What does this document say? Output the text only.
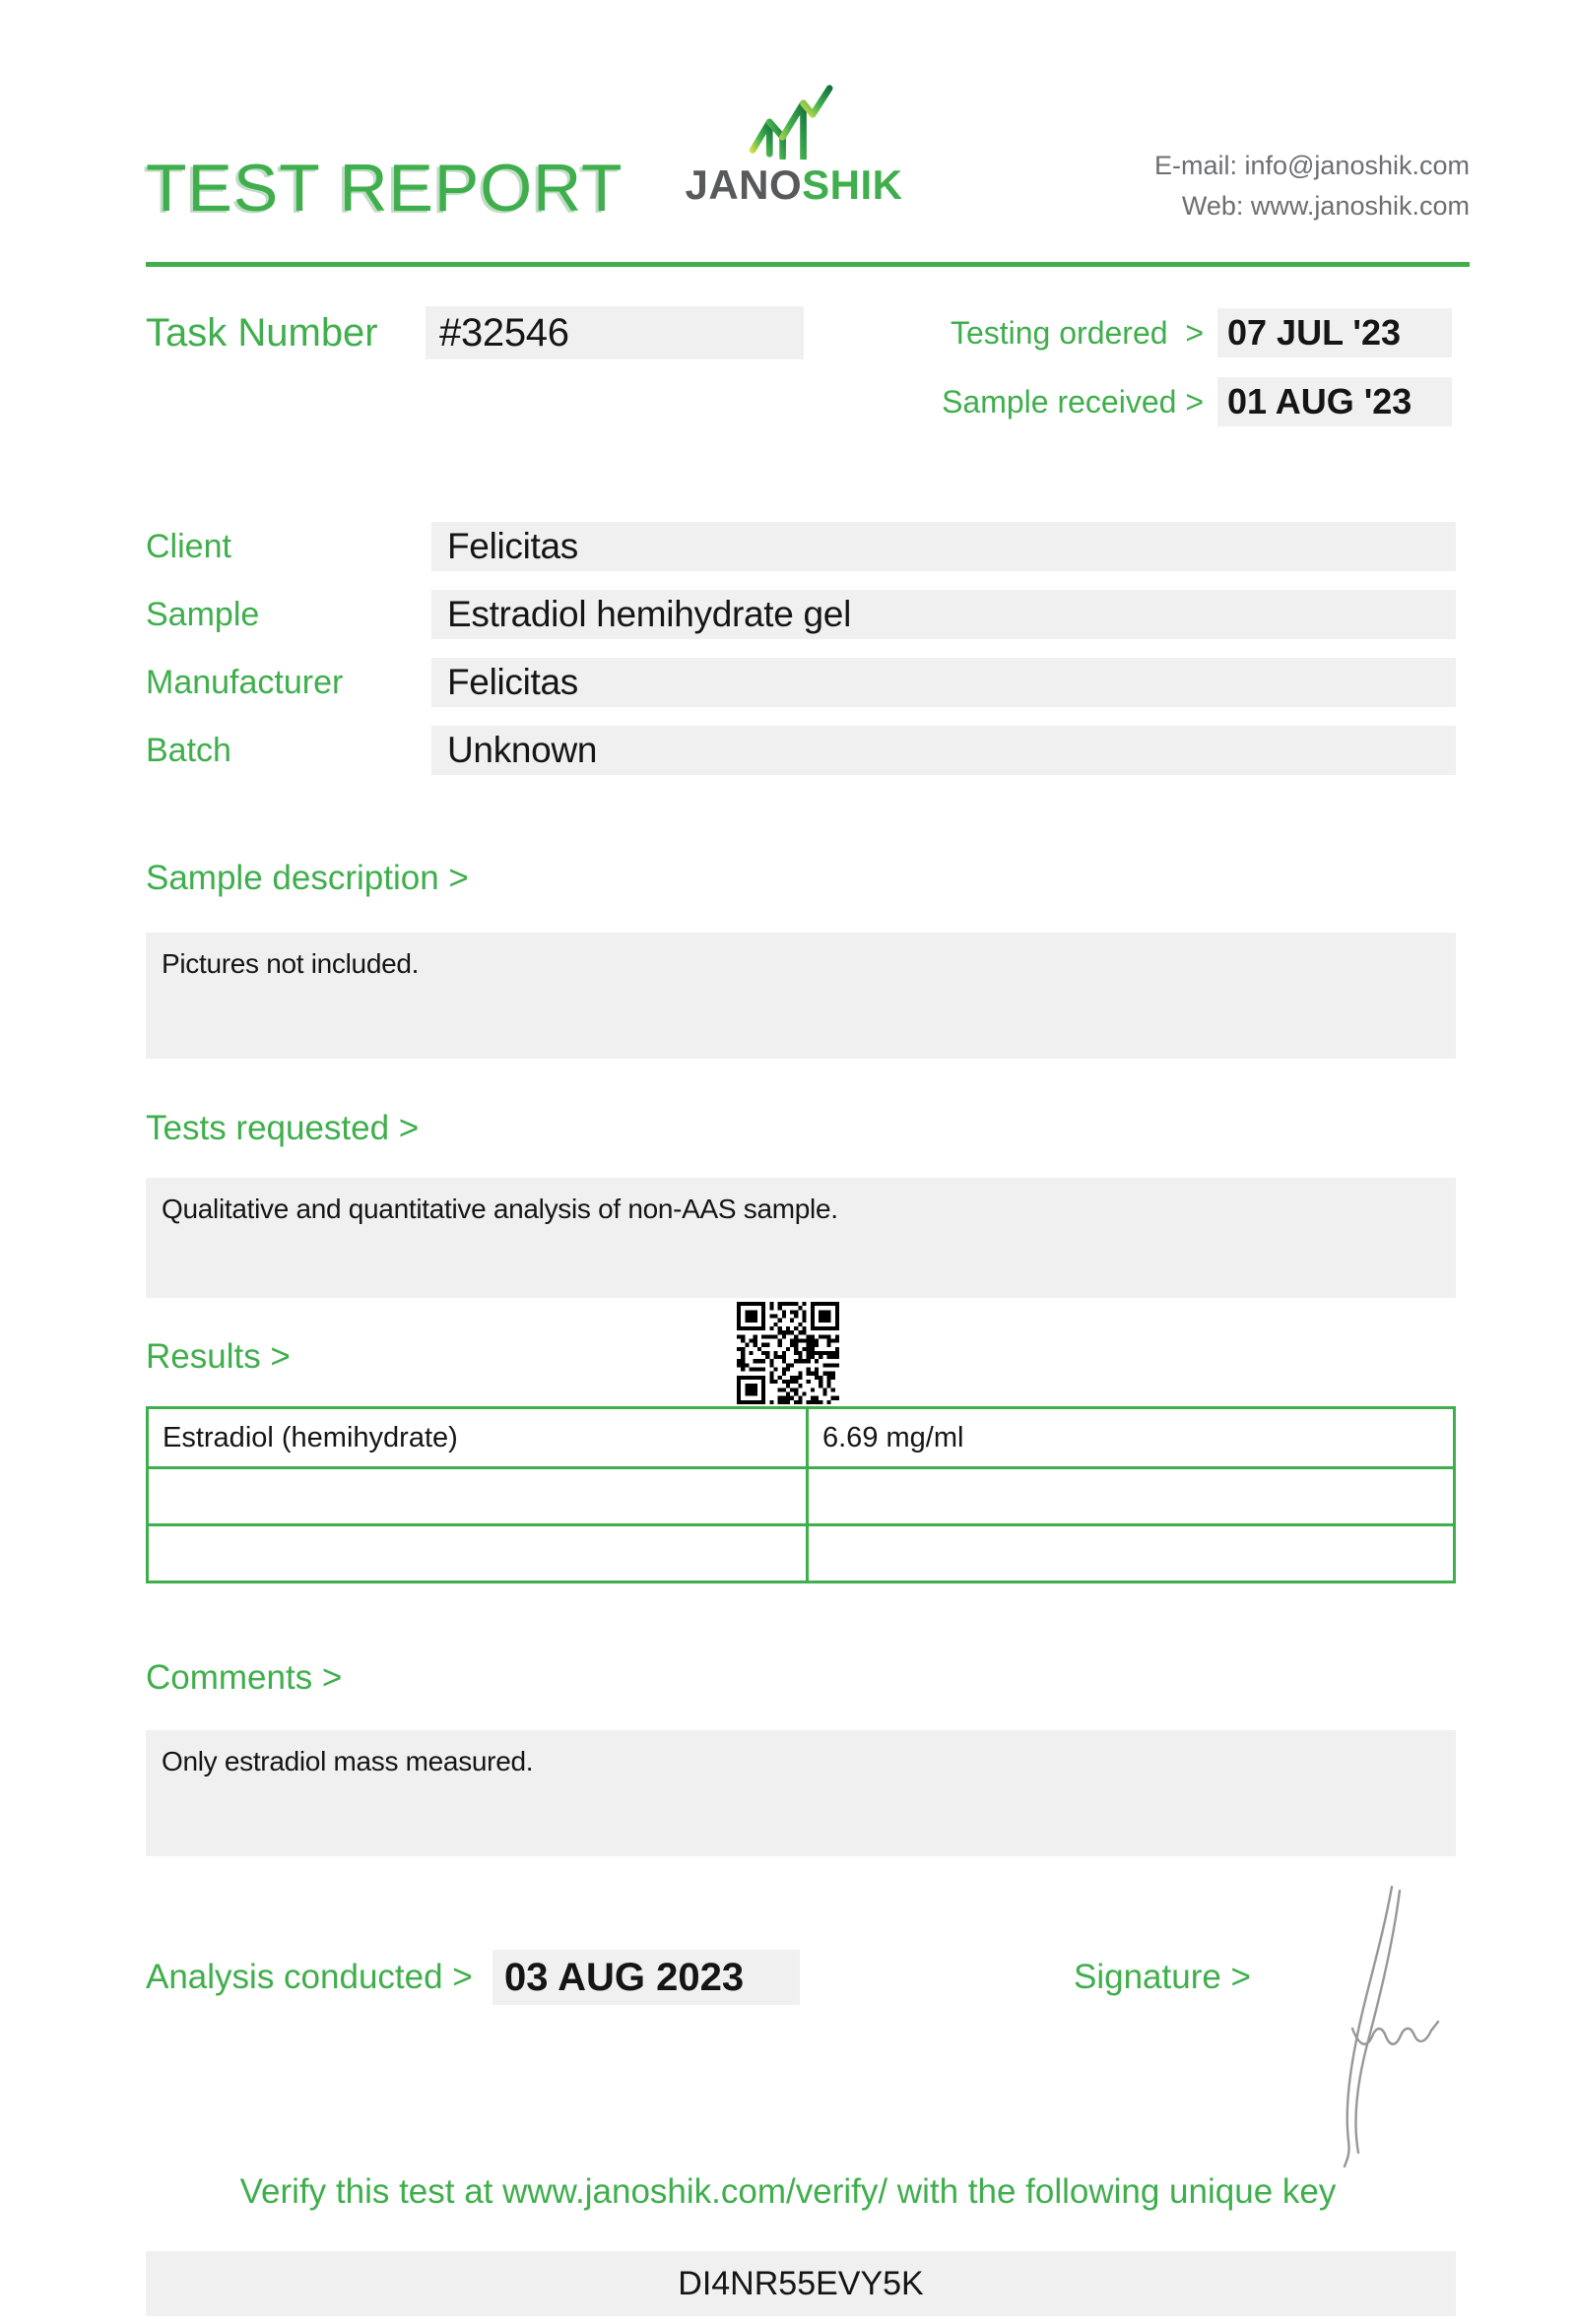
TEST REPORT JANOSHIK	E-mail: info@janoshik.com
Web: www.janoshik.com
Task Number	#32546	Testing ordered  > 07 JUL '23
Sample received > 01 AUG '23
Client	Felicitas
Sample	Estradiol hemihydrate gel
Manufacturer	Felicitas
Batch	Unknown
Sample description >
Pictures not included.
Tests requested >
Qualitative and quantitative analysis of non-AAS sample.
Results >
Estradiol (hemihydrate)	6.69 mg/ml
Comments >
Only estradiol mass measured.
Analysis conducted > 03 AUG 2023	Signature >
Verify this test at www.janoshik.com/verify/ with the following unique key
DI4NR55EVY5K
